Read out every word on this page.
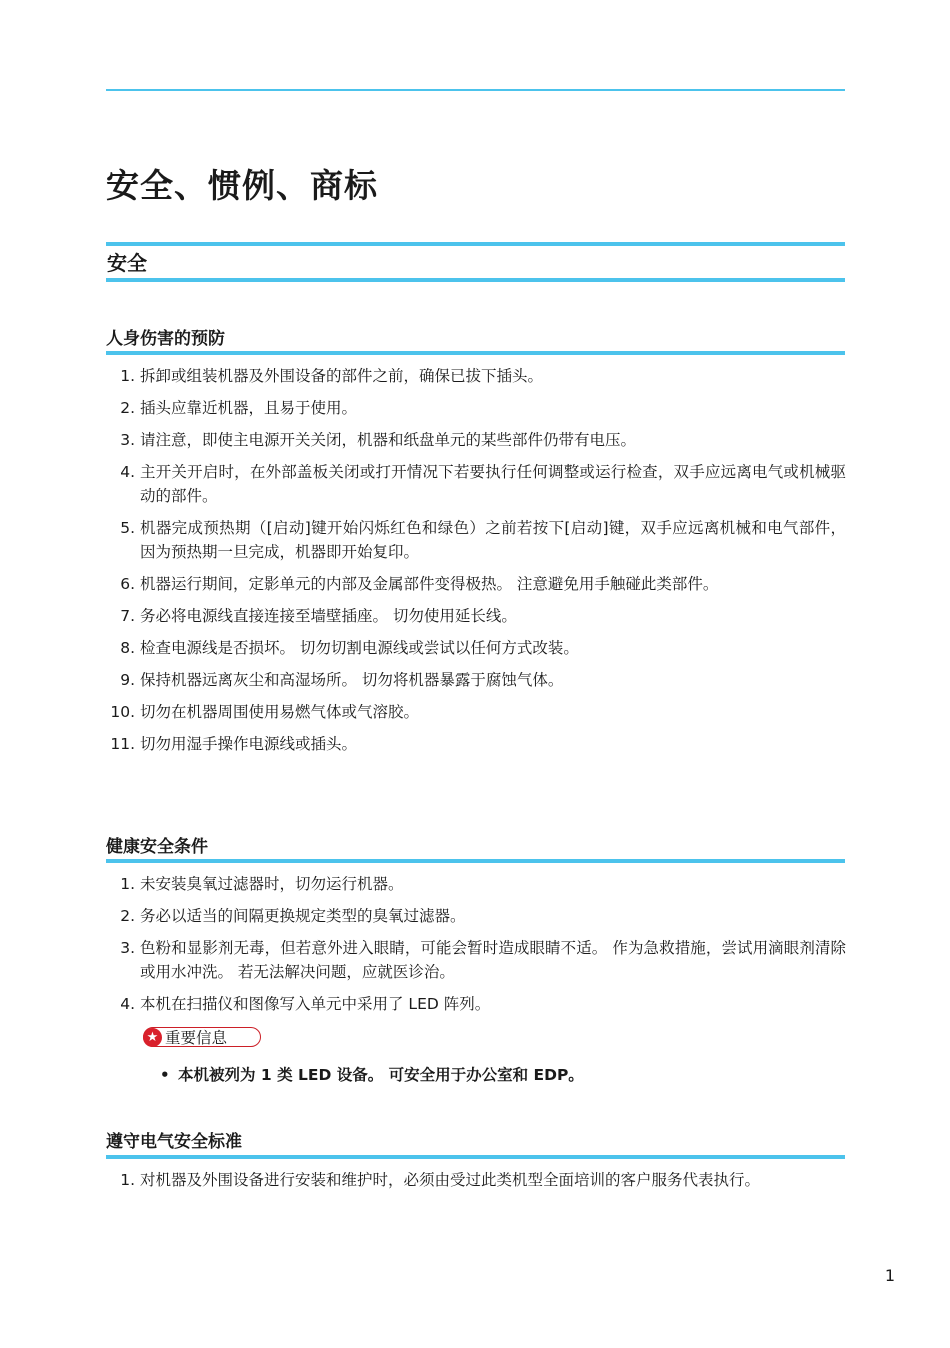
安全、惯例、商标
安全
人身伤害的预防
1. 拆卸或组装机器及外围设备的部件之前，确保已拔下插头。
2. 插头应靠近机器，且易于使用。
3. 请注意，即使主电源开关关闭，机器和纸盘单元的某些部件仍带有电压。
4. 主开关开启时，在外部盖板关闭或打开情况下若要执行任何调整或运行检查，双手应远离电气或机械驱动的部件。
5. 机器完成预热期（[启动]键开始闪烁红色和绿色）之前若按下[启动]键，双手应远离机械和电气部件，因为预热期一旦完成，机器即开始复印。
6. 机器运行期间，定影单元的内部及金属部件变得极热。 注意避免用手触碰此类部件。
7. 务必将电源线直接连接至墙壁插座。 切勿使用延长线。
8. 检查电源线是否损坏。 切勿切割电源线或尝试以任何方式改装。
9. 保持机器远离灰尘和高湿场所。 切勿将机器暴露于腐蚀气体。
10. 切勿在机器周围使用易燃气体或气溶胶。
11. 切勿用湿手操作电源线或插头。
健康安全条件
1. 未安装臭氧过滤器时，切勿运行机器。
2. 务必以适当的间隔更换规定类型的臭氧过滤器。
3. 色粉和显影剂无毒，但若意外进入眼睛，可能会暂时造成眼睛不适。 作为急救措施，尝试用滴眼剂清除或用水冲洗。 若无法解决问题，应就医诊治。
4. 本机在扫描仪和图像写入单元中采用了 LED 阵列。
★ 重要信息
• 本机被列为 1 类 LED 设备。 可安全用于办公室和 EDP。
遵守电气安全标准
1. 对机器及外围设备进行安装和维护时，必须由受过此类机型全面培训的客户服务代表执行。
1
